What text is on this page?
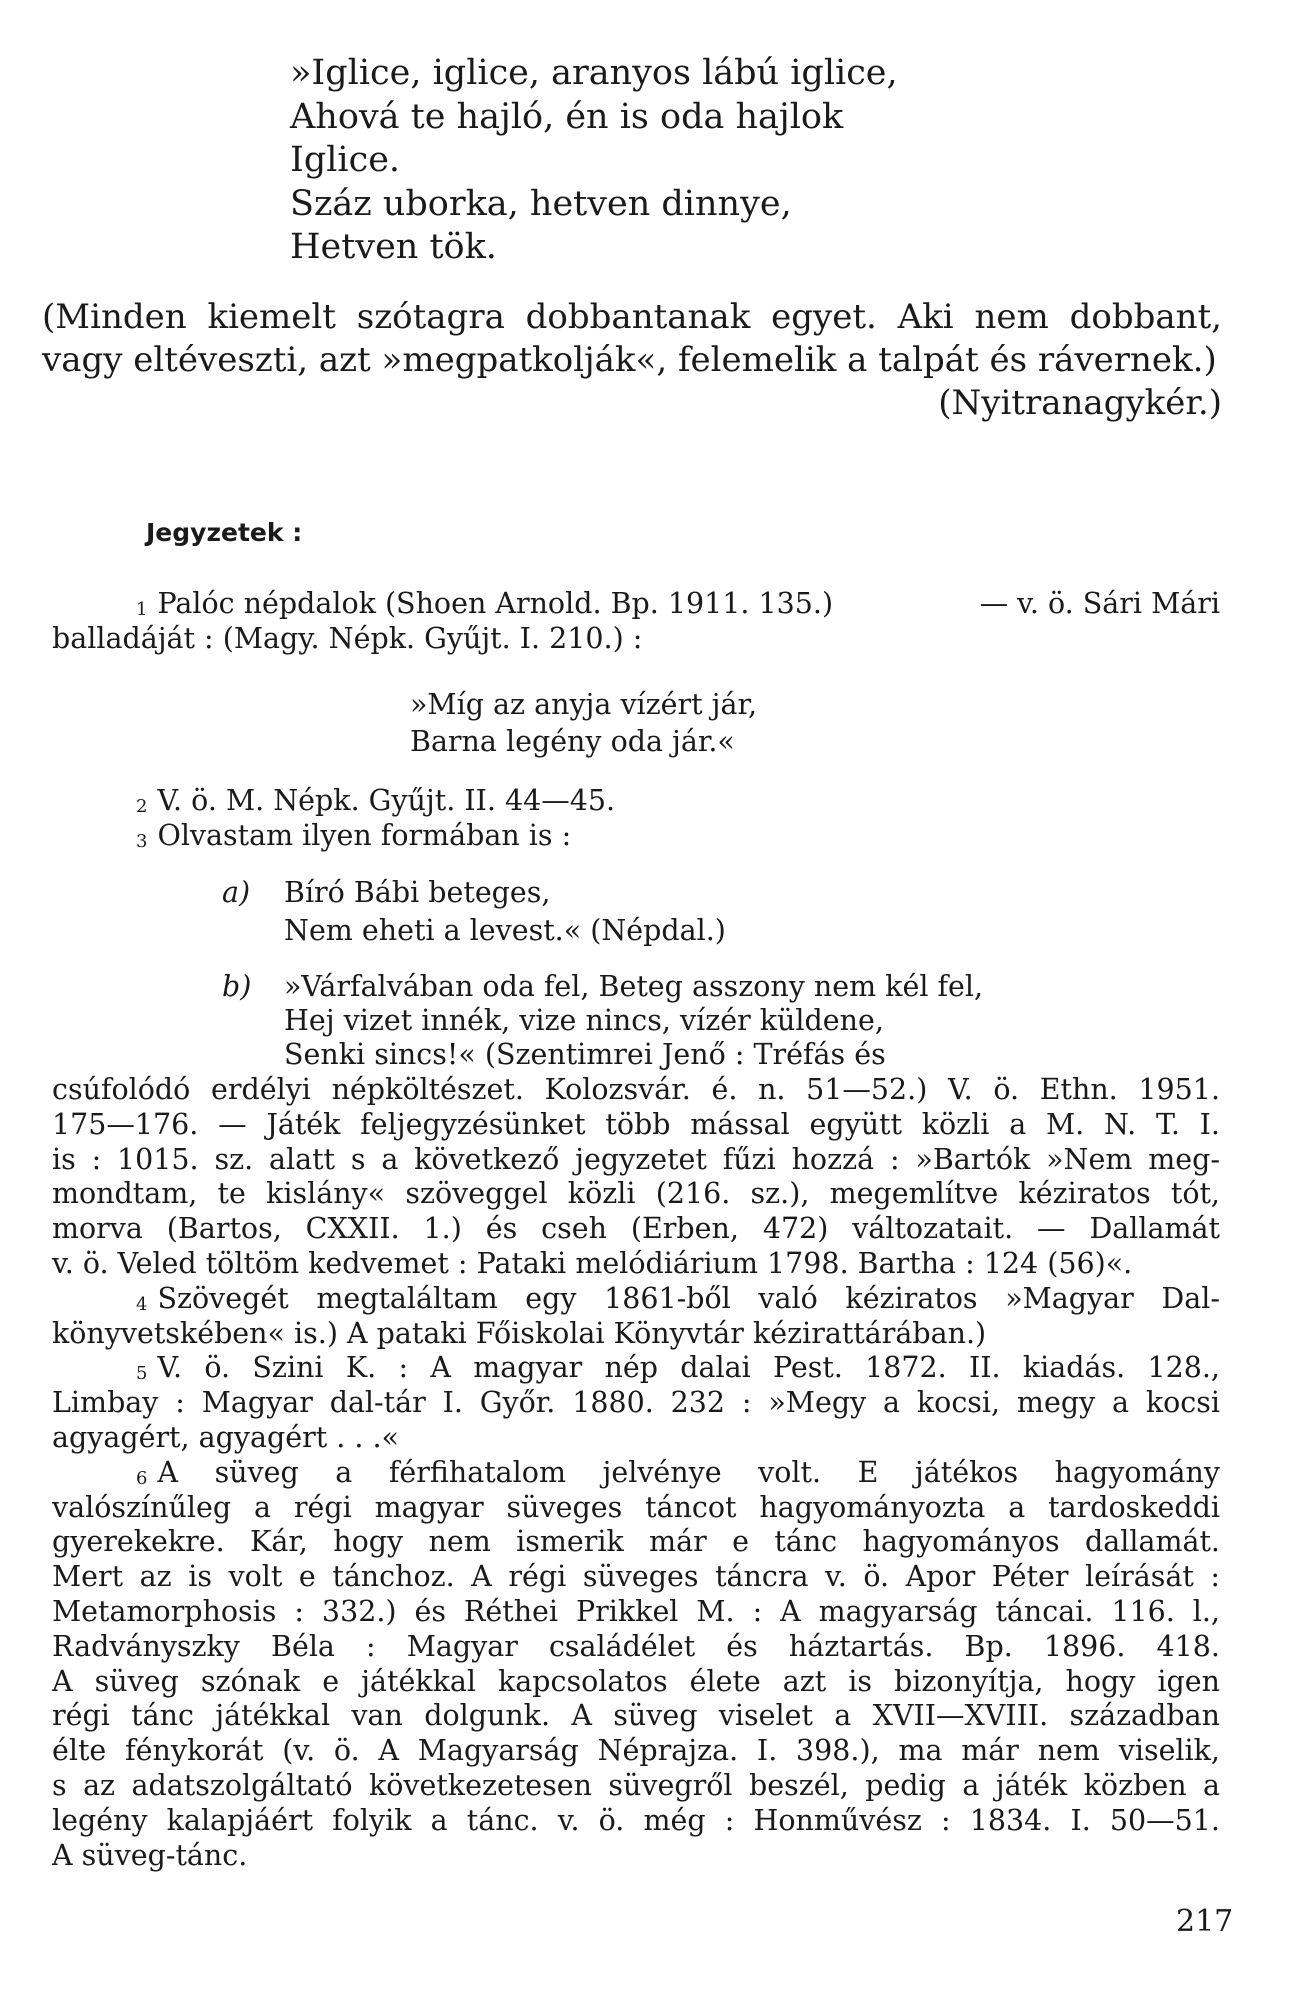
»Iglice, iglice, aranyos lábú iglice,
Ahová te hajló, én is oda hajlok
Iglice.
Száz uborka, hetven dinnye,
Hetven tök.
(Minden kiemelt szótagra dobbantanak egyet. Aki nem dobbant, vagy eltéveszti, azt »megpatkolják«, felemelik a talpát és rávernek.)
(Nyitranagykér.)
Jegyzetek :
$^1$ Palóc népdalok (Shoen Arnold. Bp. 1911. 135.)	— v. ö. Sári Mári
balladáját : (Magy. Népk. Gyűjt. I. 210.) :
»Míg az anyja vízért jár,
Barna legény oda jár.«
$^2$ V. ö. M. Népk. Gyűjt. II. 44—45.
$^3$ Olvastam ilyen formában is :
a) Bíró Bábi beteges,
Nem eheti a levest.« (Népdal.)
b) »Várfalvában oda fel, Beteg asszony nem kél fel,
Hej vizet innék, vize nincs, vízér küldene,
Senki sincs!« (Szentimrei Jenő : Tréfás és
csúfolódó erdélyi népköltészet. Kolozsvár. é. n. 51—52.) V. ö. Ethn. 1951.
175—176. — Játék feljegyzésünket több mással együtt közli a M. N. T. I.
is : 1015. sz. alatt s a következő jegyzetet fűzi hozzá : »Bartók »Nem meg-
mondtam, te kislány« szöveggel közli (216. sz.), megemlítve kéziratos tót,
morva (Bartos, CXXII. 1.) és cseh (Erben, 472) változatait. — Dallamát
v. ö. Veled töltöm kedvemet : Pataki melódiárium 1798. Bartha : 124 (56)«.
$^4$ Szövegét megtaláltam egy 1861-ből való kéziratos »Magyar Dal-
könyvetskében« is.) A pataki Főiskolai Könyvtár kézirattárában.)
$^5$ V. ö. Szini K. : A magyar nép dalai Pest. 1872. II. kiadás. 128.,
Limbay : Magyar dal-tár I. Győr. 1880. 232 : »Megy a kocsi, megy a kocsi
agyagért, agyagért . . .«
$^6$ A süveg a férfihatalom jelvénye volt. E játékos hagyomány
valószínűleg a régi magyar süveges táncot hagyományozta a tardoskeddi
gyerekekre. Kár, hogy nem ismerik már e tánc hagyományos dallamát.
Mert az is volt e tánchoz. A régi süveges táncra v. ö. Apor Péter leírását :
Metamorphosis : 332.) és Réthei Prikkel M. : A magyarság táncai. 116. l.,
Radványszky Béla : Magyar családélet és háztartás. Bp. 1896. 418.
A süveg szónak e játékkal kapcsolatos élete azt is bizonyítja, hogy igen
régi tánc játékkal van dolgunk. A süveg viselet a XVII—XVIII. században
élte fénykorát (v. ö. A Magyarság Néprajza. I. 398.), ma már nem viselik,
s az adatszolgáltató következetesen süvegről beszél, pedig a játék közben a
legény kalapjáért folyik a tánc. v. ö. még : Honművész : 1834. I. 50—51.
A süveg-tánc.
217
